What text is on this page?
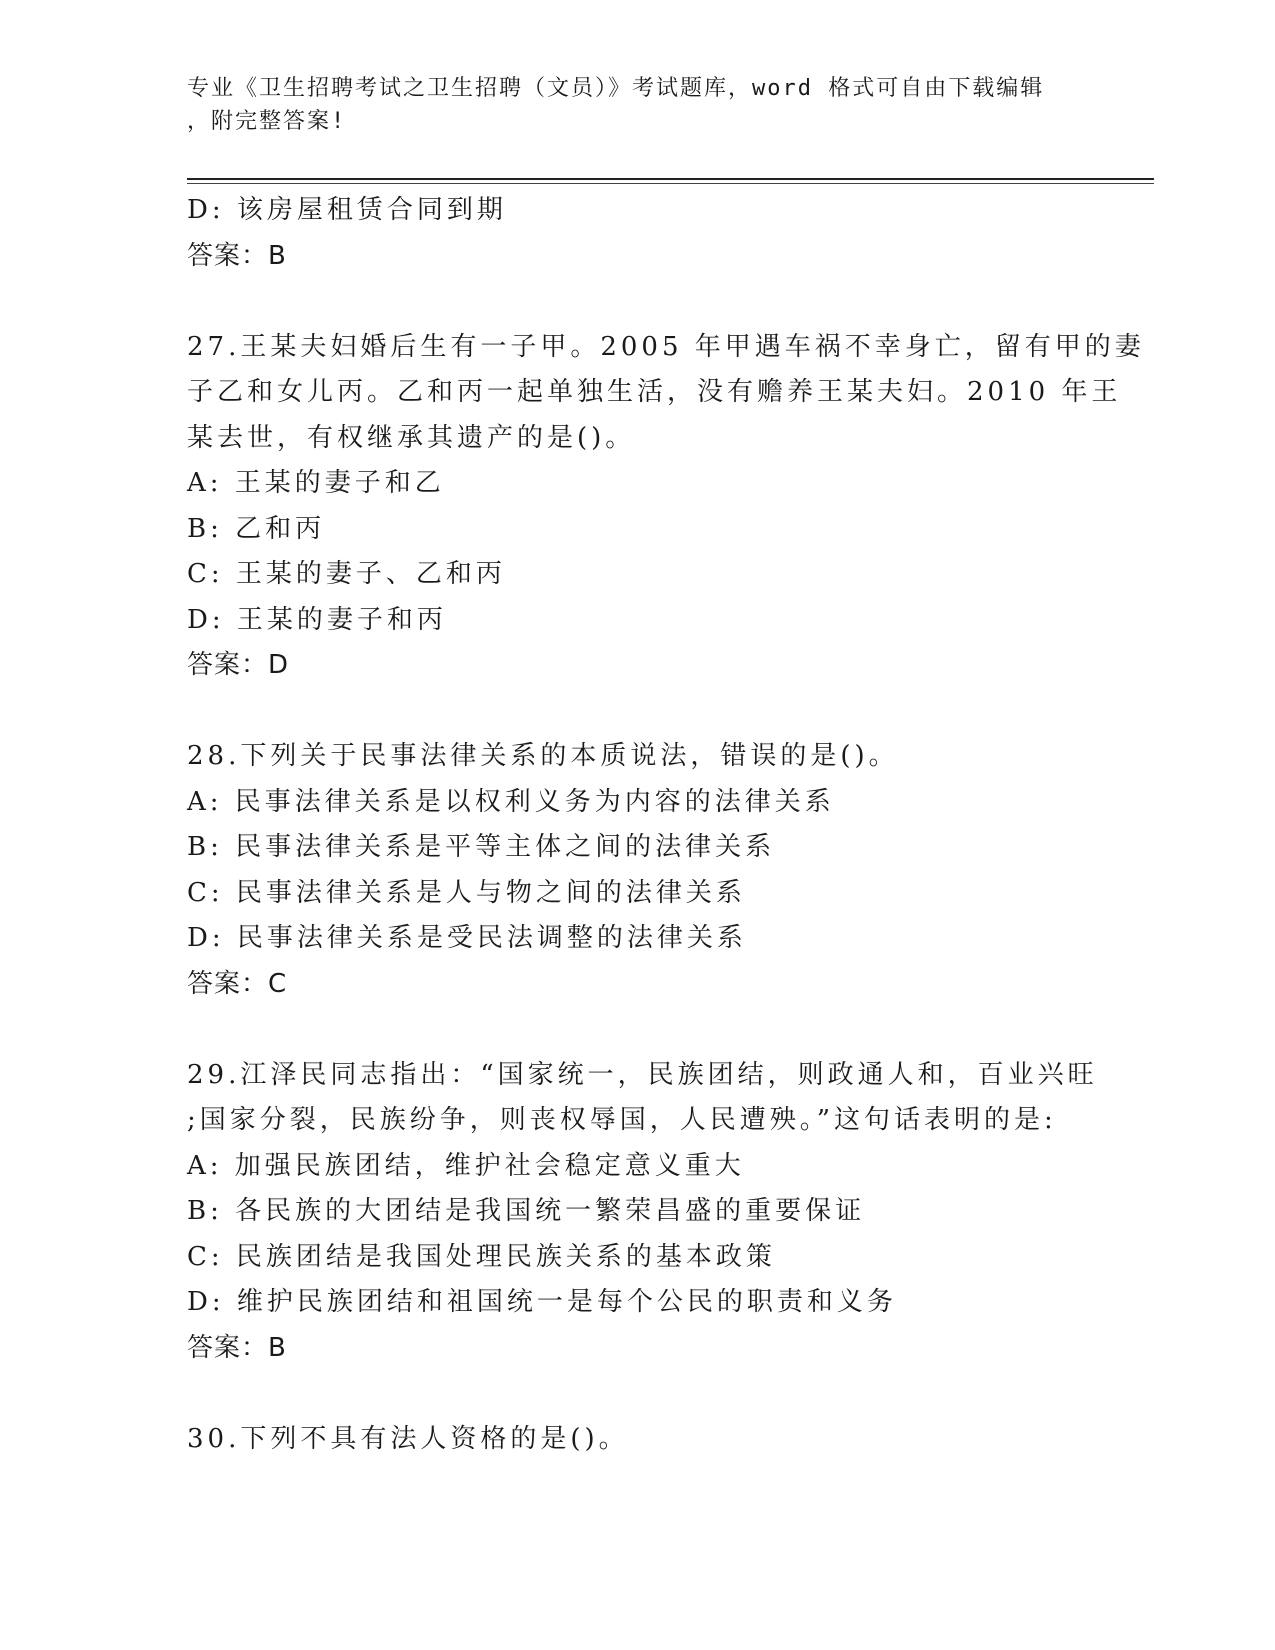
专业《卫生招聘考试之卫生招聘（文员）》考试题库，word 格式可自由下载编辑
，附完整答案!
D: 该房屋租赁合同到期
答案：B
27.王某夫妇婚后生有一子甲。2005 年甲遇车祸不幸身亡，留有甲的妻
子乙和女儿丙。乙和丙一起单独生活，没有赡养王某夫妇。2010 年王
某去世，有权继承其遗产的是()。
A: 王某的妻子和乙
B: 乙和丙
C: 王某的妻子、乙和丙
D: 王某的妻子和丙
答案：D
28.下列关于民事法律关系的本质说法，错误的是()。
A: 民事法律关系是以权利义务为内容的法律关系
B: 民事法律关系是平等主体之间的法律关系
C: 民事法律关系是人与物之间的法律关系
D: 民事法律关系是受民法调整的法律关系
答案：C
29.江泽民同志指出：“国家统一，民族团结，则政通人和，百业兴旺
;国家分裂，民族纷争，则丧权辱国，人民遭殃。”这句话表明的是:
A: 加强民族团结，维护社会稳定意义重大
B: 各民族的大团结是我国统一繁荣昌盛的重要保证
C: 民族团结是我国处理民族关系的基本政策
D: 维护民族团结和祖国统一是每个公民的职责和义务
答案：B
30.下列不具有法人资格的是()。
